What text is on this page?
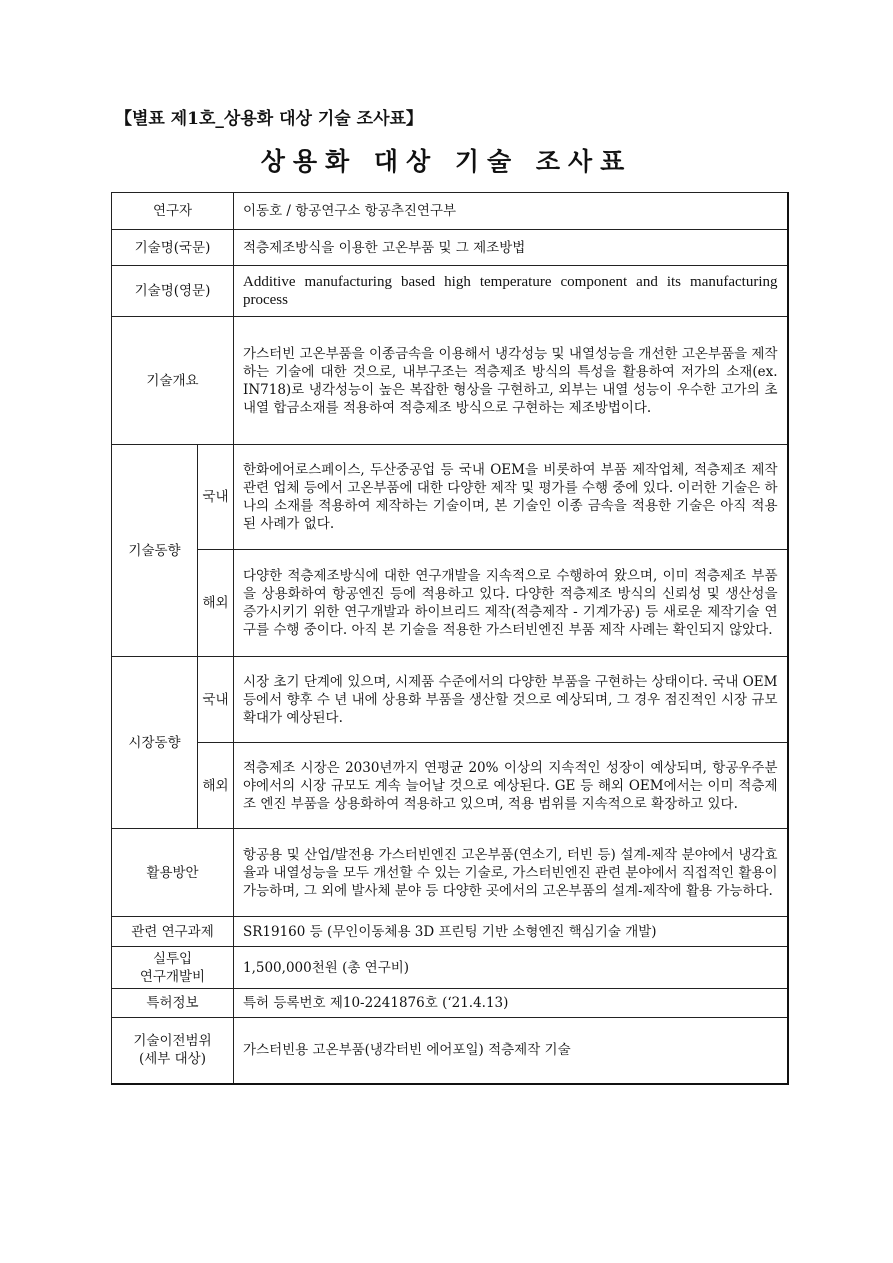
【별표 제1호_상용화 대상 기술 조사표】
상용화 대상 기술 조사표
연구자		이동호 / 항공연구소 항공추진연구부
기술명(국문)		적층제조방식을 이용한 고온부품 및 그 제조방법
기술명(영문)		Additive manufacturing based high temperature component and its manufacturing process
기술개요		가스터빈 고온부품을 이종금속을 이용해서 냉각성능 및 내열성능을 개선한 고온부품을 제작하는 기술에 대한 것으로, 내부구조는 적층제조 방식의 특성을 활용하여 저가의 소재(ex. IN718)로 냉각성능이 높은 복잡한 형상을 구현하고, 외부는 내열 성능이 우수한 고가의 초내열 합금소재를 적용하여 적층제조 방식으로 구현하는 제조방법이다.
기술동향	국내	한화에어로스페이스, 두산중공업 등 국내 OEM을 비롯하여 부품 제작업체, 적층제조 제작 관련 업체 등에서 고온부품에 대한 다양한 제작 및 평가를 수행 중에 있다. 이러한 기술은 하나의 소재를 적용하여 제작하는 기술이며, 본 기술인 이종 금속을 적용한 기술은 아직 적용된 사례가 없다.
	해외	다양한 적층제조방식에 대한 연구개발을 지속적으로 수행하여 왔으며, 이미 적층제조 부품을 상용화하여 항공엔진 등에 적용하고 있다. 다양한 적층제조 방식의 신뢰성 및 생산성을 증가시키기 위한 연구개발과 하이브리드 제작(적층제작 - 기계가공) 등 새로운 제작기술 연구를 수행 중이다. 아직 본 기술을 적용한 가스터빈엔진 부품 제작 사례는 확인되지 않았다.
시장동향	국내	시장 초기 단계에 있으며, 시제품 수준에서의 다양한 부품을 구현하는 상태이다. 국내 OEM 등에서 향후 수 년 내에 상용화 부품을 생산할 것으로 예상되며, 그 경우 점진적인 시장 규모 확대가 예상된다.
	해외	적층제조 시장은 2030년까지 연평균 20% 이상의 지속적인 성장이 예상되며, 항공우주분야에서의 시장 규모도 계속 늘어날 것으로 예상된다. GE 등 해외 OEM에서는 이미 적층제조 엔진 부품을 상용화하여 적용하고 있으며, 적용 범위를 지속적으로 확장하고 있다.
활용방안		항공용 및 산업/발전용 가스터빈엔진 고온부품(연소기, 터빈 등) 설계-제작 분야에서 냉각효율과 내열성능을 모두 개선할 수 있는 기술로, 가스터빈엔진 관련 분야에서 직접적인 활용이 가능하며, 그 외에 발사체 분야 등 다양한 곳에서의 고온부품의 설계-제작에 활용 가능하다.
관련 연구과제		SR19160 등 (무인이동체용 3D 프린팅 기반 소형엔진 핵심기술 개발)

실투입
연구개발비		1,500,000천원 (총 연구비)
특허정보		특허 등록번호 제10-2241876호 (‘21.4.13)

기술이전범위
(세부 대상)		가스터빈용 고온부품(냉각터빈 에어포일) 적층제작 기술
